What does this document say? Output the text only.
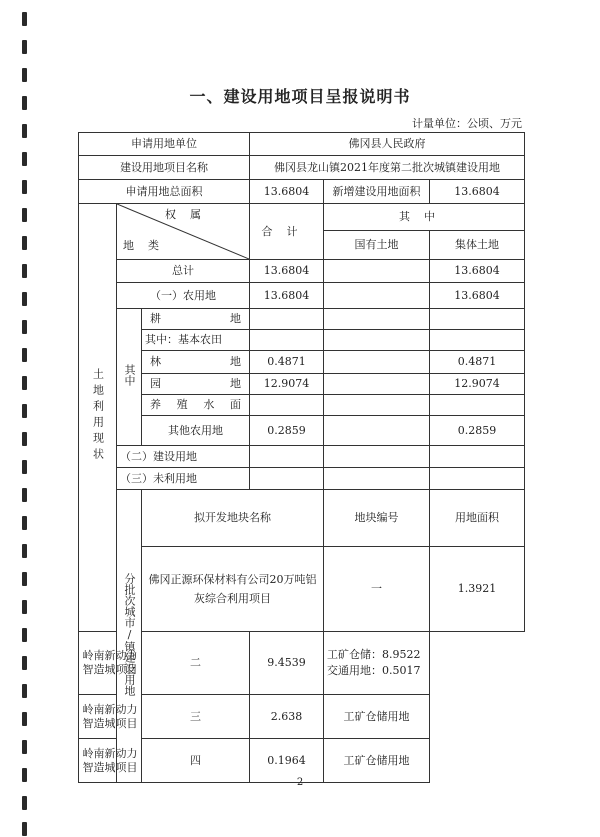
一、建设用地项目呈报说明书
计量单位：公顷、万元
申请用地单位			佛冈县人民政府			
建设用地项目名称			佛冈县龙山镇2021年度第二批次城镇建设用地			
申请用地总面积			13.6804	新增建设用地面积	13.6804	
土地利用现状	权属
地类		合计	其中		
				国有土地	集体土地	
	总计		13.6804		13.6804	
	（一）农用地		13.6804		13.6804	
	其中	耕地				
		其中：基本农田				
		林地	0.4871		0.4871	
		园地	12.9074		12.9074	
		养殖水面				
		其他农用地	0.2859		0.2859	
	（二）建设用地					
	（三）未利用地					
	分批次城市/镇建设用地	拟开发地块名称		地块编号	用地面积	
		佛冈正源环保材料有公司20万吨铝灰综合利用项目		一	1.3921	
岭南新动力智造城项目		二	9.4539	工矿仓储：8.9522 交通用地：0.5017		
岭南新动力智造城项目		三	2.638	工矿仓储用地		
岭南新动力智造城项目		四	0.1964	工矿仓储用地		
2
